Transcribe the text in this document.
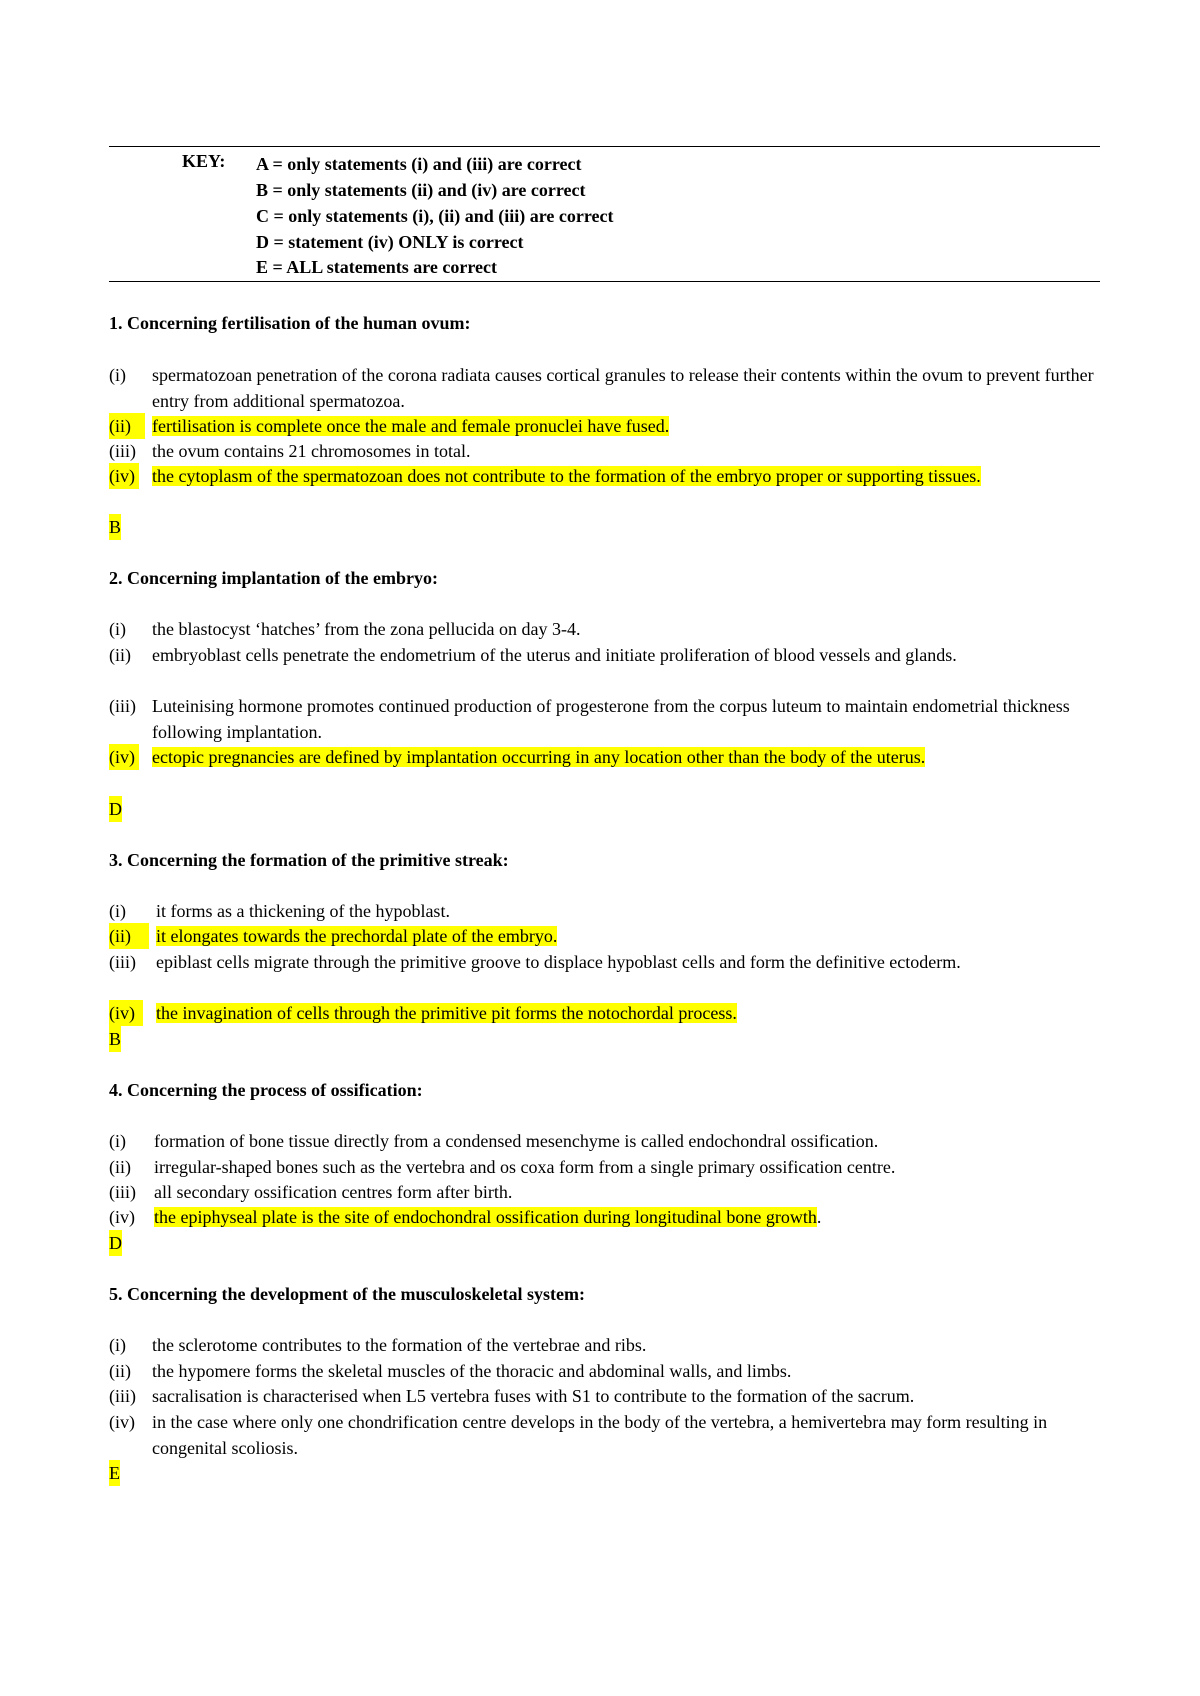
KEY: A = only statements (i) and (iii) are correct
B = only statements (ii) and (iv) are correct
C = only statements (i), (ii) and (iii) are correct
D = statement (iv) ONLY is correct
E = ALL statements are correct
1. Concerning fertilisation of the human ovum:
(i) spermatozoan penetration of the corona radiata causes cortical granules to release their contents within the ovum to prevent further entry from additional spermatozoa.
(ii)	fertilisation is complete once the male and female pronuclei have fused.
(iii) the ovum contains 21 chromosomes in total.
(iv) the cytoplasm of the spermatozoan does not contribute to the formation of the embryo proper or supporting tissues.
B
2. Concerning implantation of the embryo:
(i) the blastocyst ‘hatches’ from the zona pellucida on day 3-4.
(ii) embryoblast cells penetrate the endometrium of the uterus and initiate proliferation of blood vessels and glands.
(iii) Luteinising hormone promotes continued production of progesterone from the corpus luteum to maintain endometrial thickness following implantation.
(iv) ectopic pregnancies are defined by implantation occurring in any location other than the body of the uterus.
D
3. Concerning the formation of the primitive streak:
(i) it forms as a thickening of the hypoblast.
(ii)	it elongates towards the prechordal plate of the embryo.
(iii) epiblast cells migrate through the primitive groove to displace hypoblast cells and form the definitive ectoderm.
(iv)	the invagination of cells through the primitive pit forms the notochordal process.
B
4. Concerning the process of ossification:
(i) formation of bone tissue directly from a condensed mesenchyme is called endochondral ossification.
(ii) irregular-shaped bones such as the vertebra and os coxa form from a single primary ossification centre.
(iii) all secondary ossification centres form after birth.
(iv) the epiphyseal plate is the site of endochondral ossification during longitudinal bone growth.
D
5. Concerning the development of the musculoskeletal system:
(i) the sclerotome contributes to the formation of the vertebrae and ribs.
(ii) the hypomere forms the skeletal muscles of the thoracic and abdominal walls, and limbs.
(iii) sacralisation is characterised when L5 vertebra fuses with S1 to contribute to the formation of the sacrum.
(iv) in the case where only one chondrification centre develops in the body of the vertebra, a hemivertebra may form resulting in congenital scoliosis.
E
